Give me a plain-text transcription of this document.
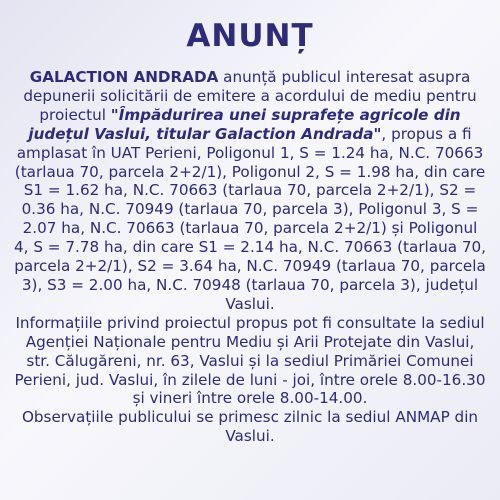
ANUNȚ

GALACTION ANDRADA anunță publicul interesat asupra depunerii solicitării de emitere a acordului de mediu pentru proiectul "Împădurirea unei suprafețe agricole din județul Vaslui, titular Galaction Andrada", propus a fi amplasat în UAT Perieni, Poligonul 1, S = 1.24 ha, N.C. 70663 (tarlaua 70, parcela 2+2/1), Poligonul 2, S = 1.98 ha, din care S1 = 1.62 ha, N.C. 70663 (tarlaua 70, parcela 2+2/1), S2 = 0.36 ha, N.C. 70949 (tarlaua 70, parcela 3), Poligonul 3, S = 2.07 ha, N.C. 70663 (tarlaua 70, parcela 2+2/1) și Poligonul 4, S = 7.78 ha, din care S1 = 2.14 ha, N.C. 70663 (tarlaua 70, parcela 2+2/1), S2 = 3.64 ha, N.C. 70949 (tarlaua 70, parcela 3), S3 = 2.00 ha, N.C. 70948 (tarlaua 70, parcela 3), județul Vaslui.

Informațiile privind proiectul propus pot fi consultate la sediul Agenției Naționale pentru Mediu și Arii Protejate din Vaslui, str. Călugăreni, nr. 63, Vaslui și la sediul Primăriei Comunei Perieni, jud. Vaslui, în zilele de luni - joi, între orele 8.00-16.30 și vineri între orele 8.00-14.00.

Observațiile publicului se primesc zilnic la sediul ANMAP din Vaslui.
